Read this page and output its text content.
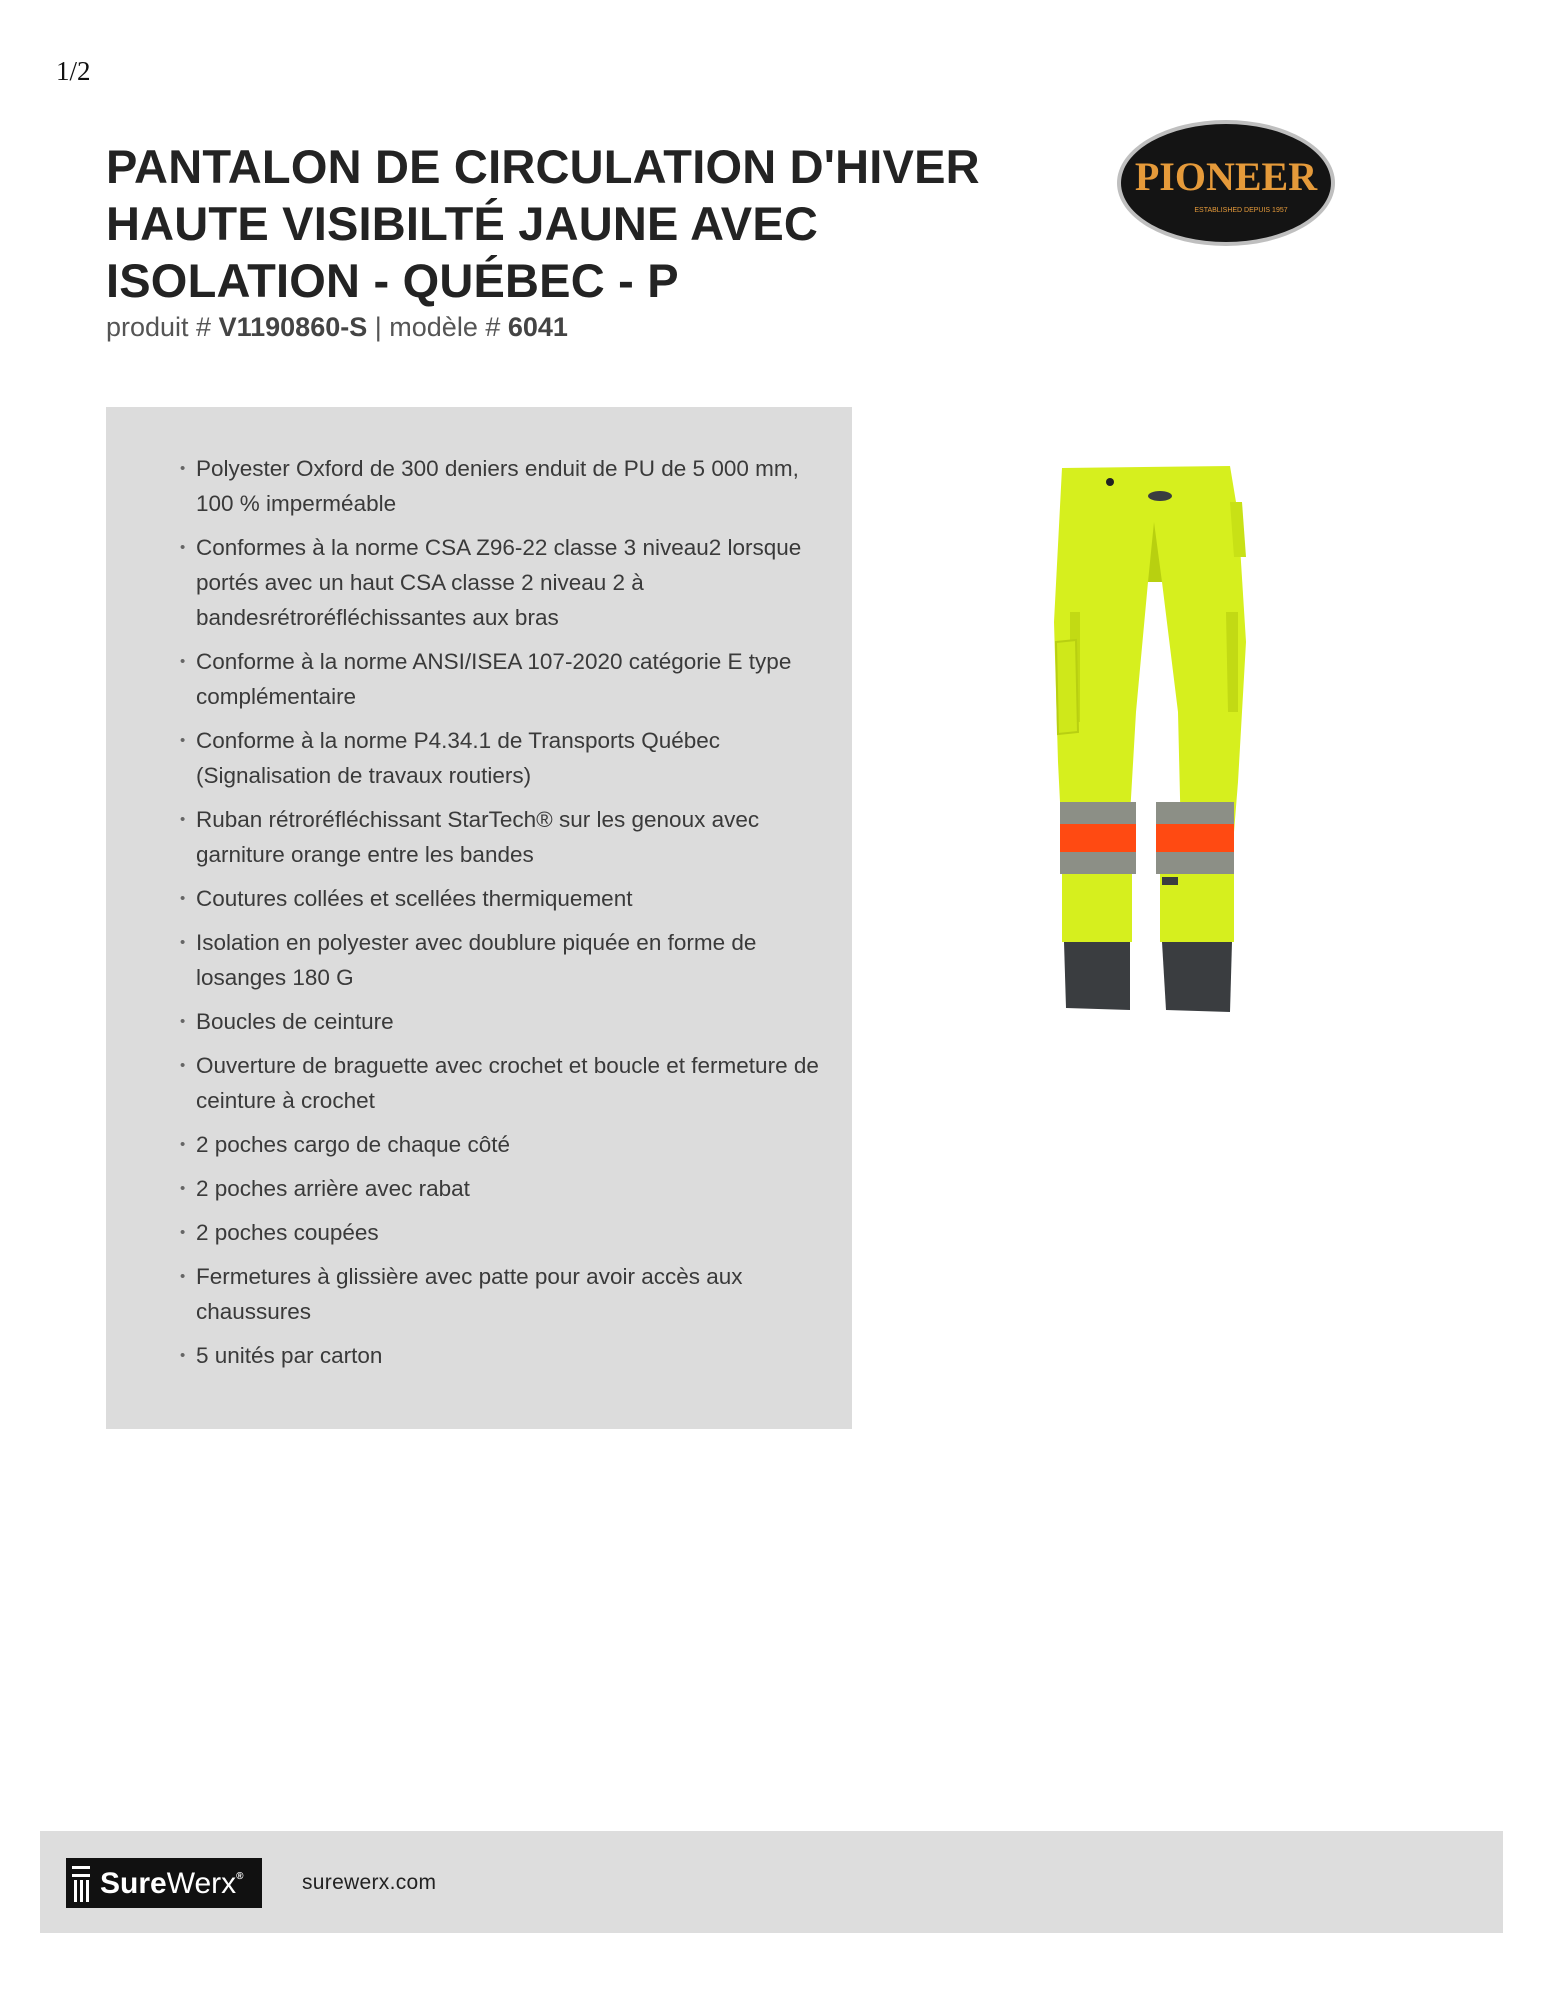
1/2
PANTALON DE CIRCULATION D'HIVER
HAUTE VISIBILTÉ JAUNE AVEC
ISOLATION - QUÉBEC - P
produit # V1190860-S | modèle # 6041
PIONEER
ESTABLISHED DEPUIS 1957
• Polyester Oxford de 300 deniers enduit de PU de 5 000 mm, 100 % imperméable
• Conformes à la norme CSA Z96-22 classe 3 niveau2 lorsque portés avec un haut CSA classe 2 niveau 2 à bandesrétroréfléchissantes aux bras
• Conforme à la norme ANSI/ISEA 107-2020 catégorie E type complémentaire
• Conforme à la norme P4.34.1 de Transports Québec (Signalisation de travaux routiers)
• Ruban rétroréfléchissant StarTech® sur les genoux avec garniture orange entre les bandes
• Coutures collées et scellées thermiquement
• Isolation en polyester avec doublure piquée en forme de losanges 180 G
• Boucles de ceinture
• Ouverture de braguette avec crochet et boucle et fermeture de ceinture à crochet
• 2 poches cargo de chaque côté
• 2 poches arrière avec rabat
• 2 poches coupées
• Fermetures à glissière avec patte pour avoir accès aux chaussures
• 5 unités par carton
SureWerx®	surewerx.com
